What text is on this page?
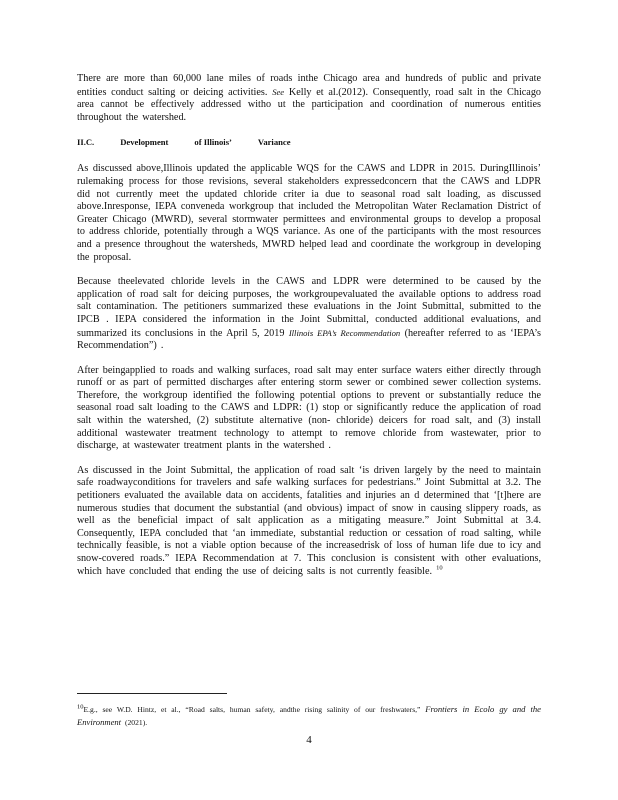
There are more than 60,000 lane miles of roads inthe Chicago area and hundreds of public and private entities conduct salting or deicing activities. See Kelly et al.(2012). Consequently, road salt in the Chicago area cannot be effectively addressed witho ut the participation and coordination of numerous entities throughout the watershed.

II.C.	Development	of Illinois’	Variance

As discussed above,Illinois updated the applicable WQS for the CAWS and LDPR in 2015. DuringIllinois’ rulemaking process for those revisions, several stakeholders expressedconcern that the CAWS and LDPR did not currently meet the updated chloride criter ia due to seasonal road salt loading, as discussed above.Inresponse, IEPA conveneda workgroup that included the Metropolitan Water Reclamation District of Greater Chicago (MWRD), several stormwater permittees and environmental groups to develop a proposal to address chloride, potentially through a WQS variance. As one of the participants with the most resources and a presence throughout the watersheds, MWRD helped lead and coordinate the workgroup in developing the proposal.

Because theelevated chloride levels in the CAWS and LDPR were determined to be caused by the application of road salt for deicing purposes, the workgroupevaluated the available options to address road salt contamination. The petitioners summarized these evaluations in the Joint Submittal, submitted to the IPCB . IEPA considered the information in the Joint Submittal, conducted additional evaluations, and summarized its conclusions in the April 5, 2019 Illinois EPA’s Recommendation (hereafter referred to as ‘IEPA’s Recommendation”) .

After beingapplied to roads and walking surfaces, road salt may enter surface waters either directly through runoff or as part of permitted discharges after entering storm sewer or combined sewer collection systems. Therefore, the workgroup identified the following potential options to prevent or substantially reduce the seasonal road salt loading to the CAWS and LDPR: (1) stop or significantly reduce the application of road salt within the watershed, (2) substitute alternative (non- chloride) deicers for road salt, and (3) install additional wastewater treatment technology to attempt to remove chloride from wastewater, prior to discharge, at wastewater treatment plants in the watershed .

As discussed in the Joint Submittal, the application of road salt ‘is driven largely by the need to maintain safe roadwayconditions for travelers and safe walking surfaces for pedestrians.” Joint Submittal at 3.2. The petitioners evaluated the available data on accidents, fatalities and injuries an d determined that ‘[t]here are numerous studies that document the substantial (and obvious) impact of snow in causing slippery roads, as well as the beneficial impact of salt application as a mitigating measure.” Joint Submittal at 3.4. Consequently, IEPA concluded that ‘an immediate, substantial reduction or cessation of road salting, while technically feasible, is not a viable option because of the increasedrisk of loss of human life due to icy and snow-covered roads.” IEPA Recommendation at 7. This conclusion is consistent with other evaluations, which have concluded that ending the use of deicing salts is not currently feasible. $^{10}$

$^{10}$E.g., see W.D. Hintz, et al., “Road salts, human safety, andthe rising salinity of our freshwaters,” Frontiers in Ecolo gy and the Environment (2021).

4
